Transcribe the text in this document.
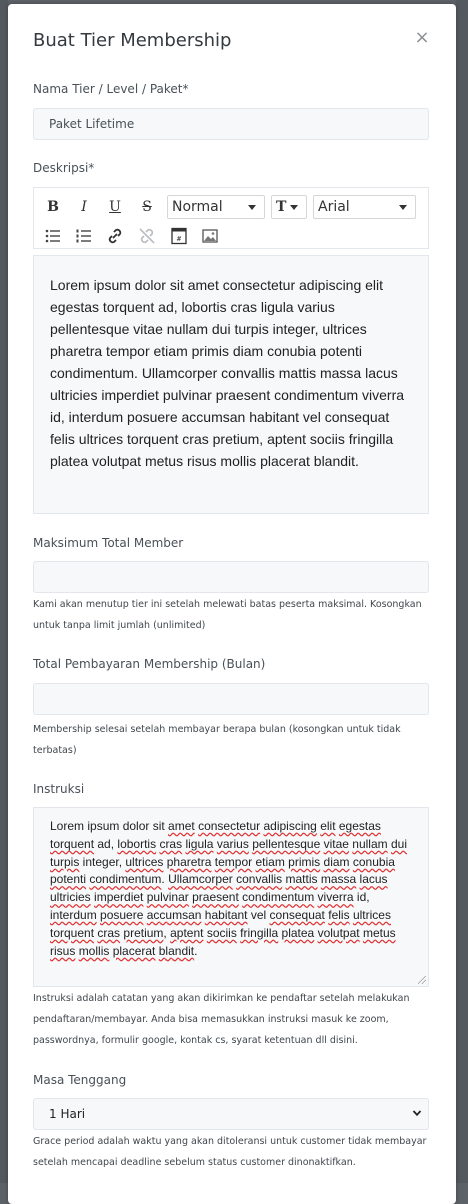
Buat Tier Membership	×
Nama Tier / Level / Paket*
Paket Lifetime
Deskripsi*
B	I	U	S	Normal	T	Arial
#
Lorem ipsum dolor sit amet consectetur adipiscing elit egestas torquent ad, lobortis cras ligula varius pellentesque vitae nullam dui turpis integer, ultrices pharetra tempor etiam primis diam conubia potenti condimentum. Ullamcorper convallis mattis massa lacus ultricies imperdiet pulvinar praesent condimentum viverra id, interdum posuere accumsan habitant vel consequat felis ultrices torquent cras pretium, aptent sociis fringilla platea volutpat metus risus mollis placerat blandit.
Maksimum Total Member
Kami akan menutup tier ini setelah melewati batas peserta maksimal. Kosongkan untuk tanpa limit jumlah (unlimited)
Total Pembayaran Membership (Bulan)
Membership selesai setelah membayar berapa bulan (kosongkan untuk tidak terbatas)
Instruksi
Lorem ipsum dolor sit amet consectetur adipiscing elit egestas torquent ad, lobortis cras ligula varius pellentesque vitae nullam dui turpis integer, ultrices pharetra tempor etiam primis diam conubia potenti condimentum. Ullamcorper convallis mattis massa lacus ultricies imperdiet pulvinar praesent condimentum viverra id, interdum posuere accumsan habitant vel consequat felis ultrices torquent cras pretium, aptent sociis fringilla platea volutpat metus risus mollis placerat blandit.
Instruksi adalah catatan yang akan dikirimkan ke pendaftar setelah melakukan pendaftaran/membayar. Anda bisa memasukkan instruksi masuk ke zoom, passwordnya, formulir google, kontak cs, syarat ketentuan dll disini.
Masa Tenggang
1 Hari
Grace period adalah waktu yang akan ditoleransi untuk customer tidak membayar setelah mencapai deadline sebelum status customer dinonaktifkan.
